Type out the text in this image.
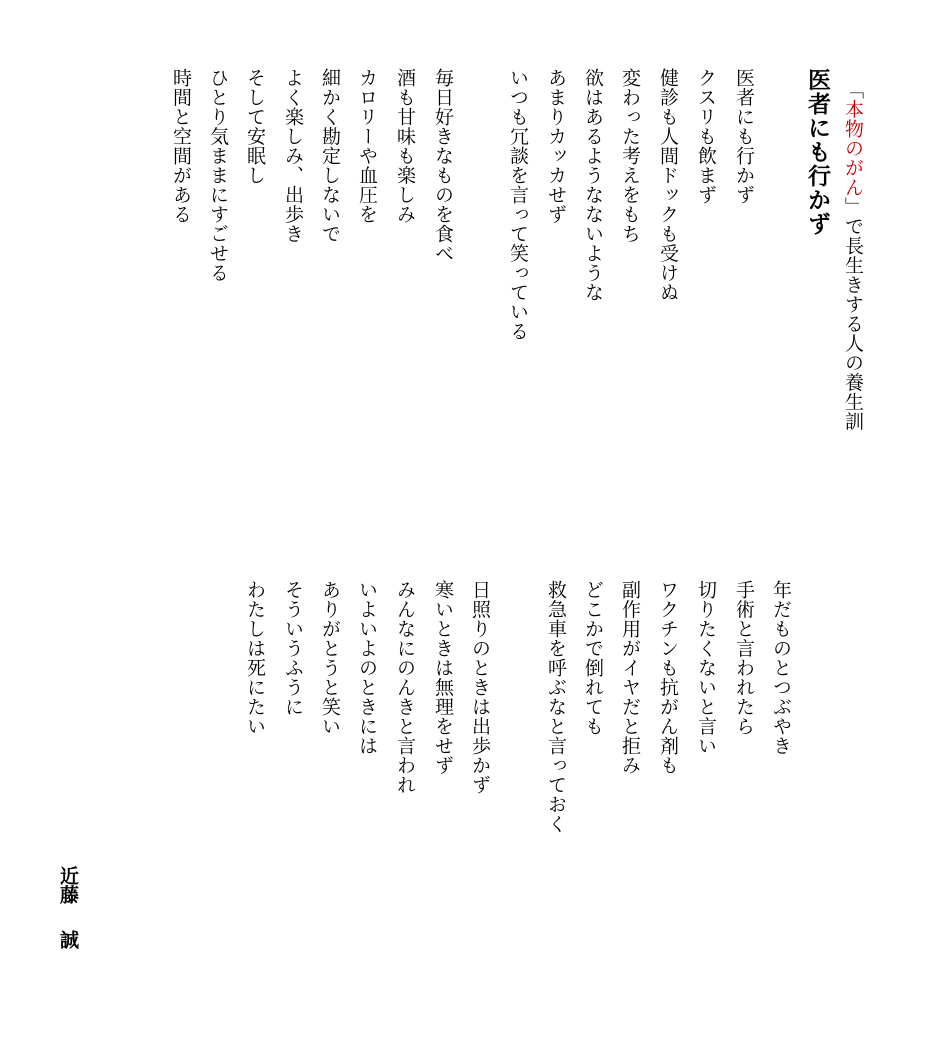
「本物のがん」で長生きする人の養生訓
医者にも行かず
医者にも行かず
クスリも飲まず
健診も人間ドックも受けぬ
変わった考えをもち
欲はあるようなないような
あまりカッカせず
いつも冗談を言って笑っている
毎日好きなものを食べ
酒も甘味も楽しみ
カロリーや血圧を
細かく勘定しないで
よく楽しみ、出歩き
そして安眠し
ひとり気ままにすごせる
時間と空間がある
年だものとつぶやき
手術と言われたら
切りたくないと言い
ワクチンも抗がん剤も
副作用がイヤだと拒み
どこかで倒れても
救急車を呼ぶなと言っておく
日照りのときは出歩かず
寒いときは無理をせず
みんなにのんきと言われ
いよいよのときには
ありがとうと笑い
そういうふうに
わたしは死にたい
近藤誠
